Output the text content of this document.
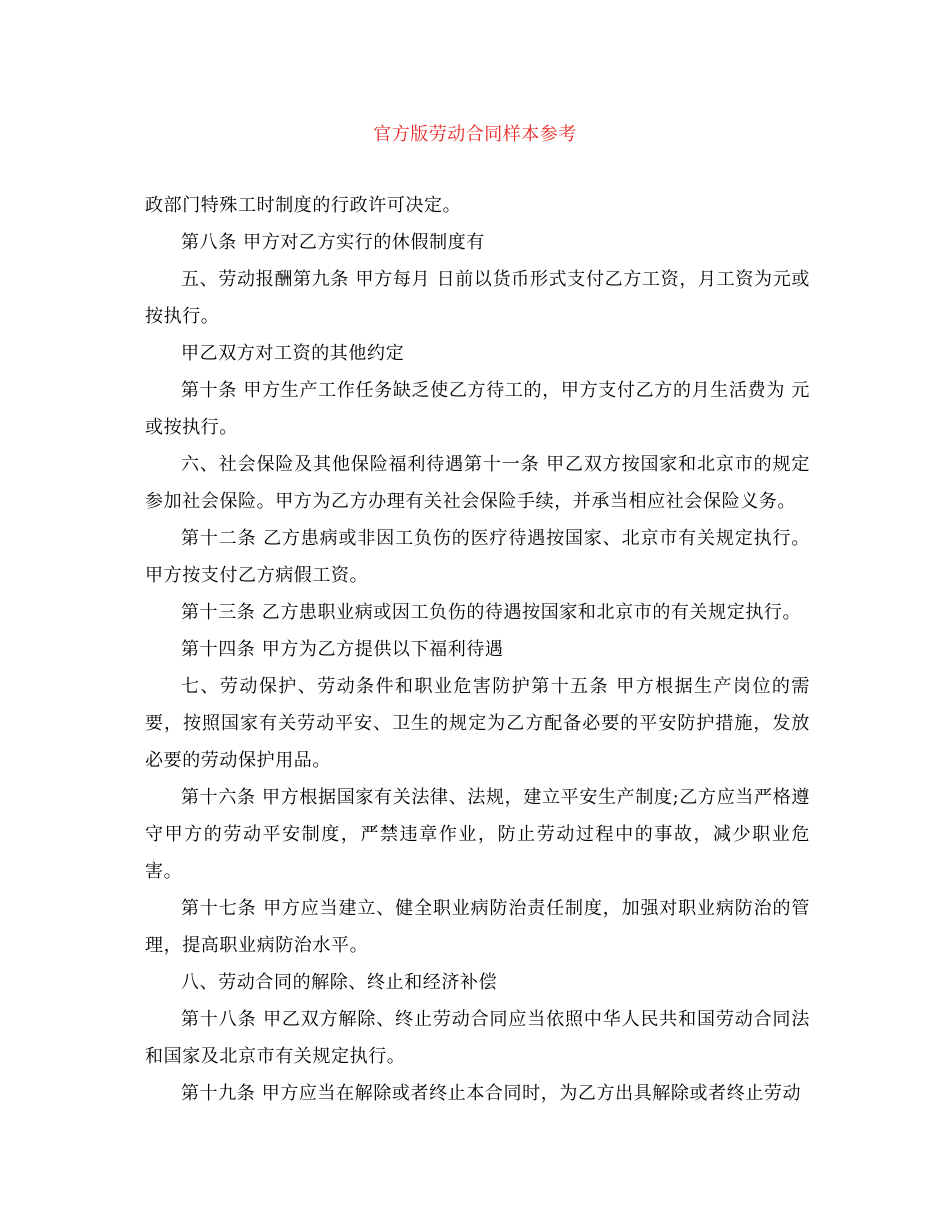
官方版劳动合同样本参考

政部门特殊工时制度的行政许可决定。

第八条 甲方对乙方实行的休假制度有

五、劳动报酬第九条 甲方每月 日前以货币形式支付乙方工资，月工资为元或按执行。

甲乙双方对工资的其他约定

第十条 甲方生产工作任务缺乏使乙方待工的，甲方支付乙方的月生活费为 元或按执行。

六、社会保险及其他保险福利待遇第十一条 甲乙双方按国家和北京市的规定参加社会保险。甲方为乙方办理有关社会保险手续，并承当相应社会保险义务。

第十二条 乙方患病或非因工负伤的医疗待遇按国家、北京市有关规定执行。甲方按支付乙方病假工资。

第十三条 乙方患职业病或因工负伤的待遇按国家和北京市的有关规定执行。

第十四条 甲方为乙方提供以下福利待遇

七、劳动保护、劳动条件和职业危害防护第十五条 甲方根据生产岗位的需要，按照国家有关劳动平安、卫生的规定为乙方配备必要的平安防护措施，发放必要的劳动保护用品。

第十六条 甲方根据国家有关法律、法规，建立平安生产制度;乙方应当严格遵守甲方的劳动平安制度，严禁违章作业，防止劳动过程中的事故，减少职业危害。

第十七条 甲方应当建立、健全职业病防治责任制度，加强对职业病防治的管理，提高职业病防治水平。

八、劳动合同的解除、终止和经济补偿

第十八条 甲乙双方解除、终止劳动合同应当依照中华人民共和国劳动合同法和国家及北京市有关规定执行。

第十九条 甲方应当在解除或者终止本合同时，为乙方出具解除或者终止劳动
